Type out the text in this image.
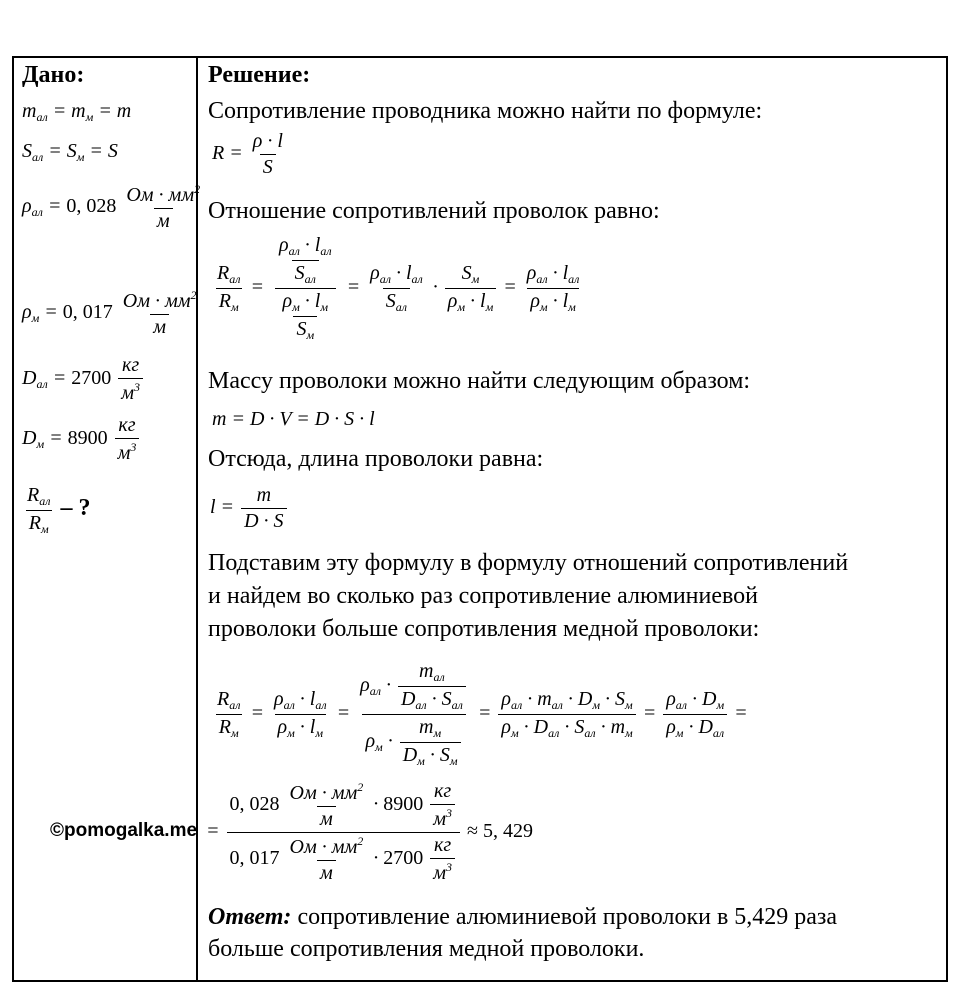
Дано:
$m_{ал} = m_м = m$
$S_{ал} = S_м = S$
$\rho_{ал} = 0$, $028 \frac{Ом \cdot мм^2}{м}$
$\rho_м = 0$, $017 \frac{Ом \cdot мм^2}{м}$
$D_{ал} = 2700 \frac{кг}{м^3}$
$D_м = 8900 \frac{кг}{м^3}$
$\frac{R_{ал}}{R_м}$ – ?
Решение:
Сопротивление проводника можно найти по формуле:
$R = \frac{\rho \cdot l}{S}$
Отношение сопротивлений проволок равно:
$\frac{R_{ал}}{R_м} = \frac{\frac{\rho_{ал} \cdot l_{ал}}{S_{ал}}}{\frac{\rho_м \cdot l_м}{S_м}} = \frac{\rho_{ал} \cdot l_{ал}}{S_{ал}} \cdot \frac{S_м}{\rho_м \cdot l_м} = \frac{\rho_{ал} \cdot l_{ал}}{\rho_м \cdot l_м}$
Массу проволоки можно найти следующим образом:
m = D · V = D · S · l
Отсюда, длина проволоки равна:
$l = \frac{m}{D \cdot S}$
Подставим эту формулу в формулу отношений сопротивлений
и найдем во сколько раз сопротивление алюминиевой
проволоки больше сопротивления медной проволоки:
$\frac{R_{ал}}{R_м} = \frac{\rho_{ал} \cdot l_{ал}}{\rho_м \cdot l_м} = \frac{\rho_{ал} \cdot \frac{m_{ал}}{D_{ал} \cdot S_{ал}}}{\rho_м \cdot \frac{m_м}{D_м \cdot S_м}} = \frac{\rho_{ал} \cdot m_{ал} \cdot D_м \cdot S_м}{\rho_м \cdot D_{ал} \cdot S_{ал} \cdot m_м} = \frac{\rho_{ал} \cdot D_м}{\rho_м \cdot D_{ал}}$ =
= $\frac{0, 028 \frac{Ом \cdot мм^2}{м} \cdot 8900 \frac{кг}{м^3}}{0, 017 \frac{Ом \cdot мм^2}{м} \cdot 2700 \frac{кг}{м^3}} \approx 5$, 429
©pomogalka.me
Ответ: сопротивление алюминиевой проволоки в 5,429 раза
больше сопротивления медной проволоки.
